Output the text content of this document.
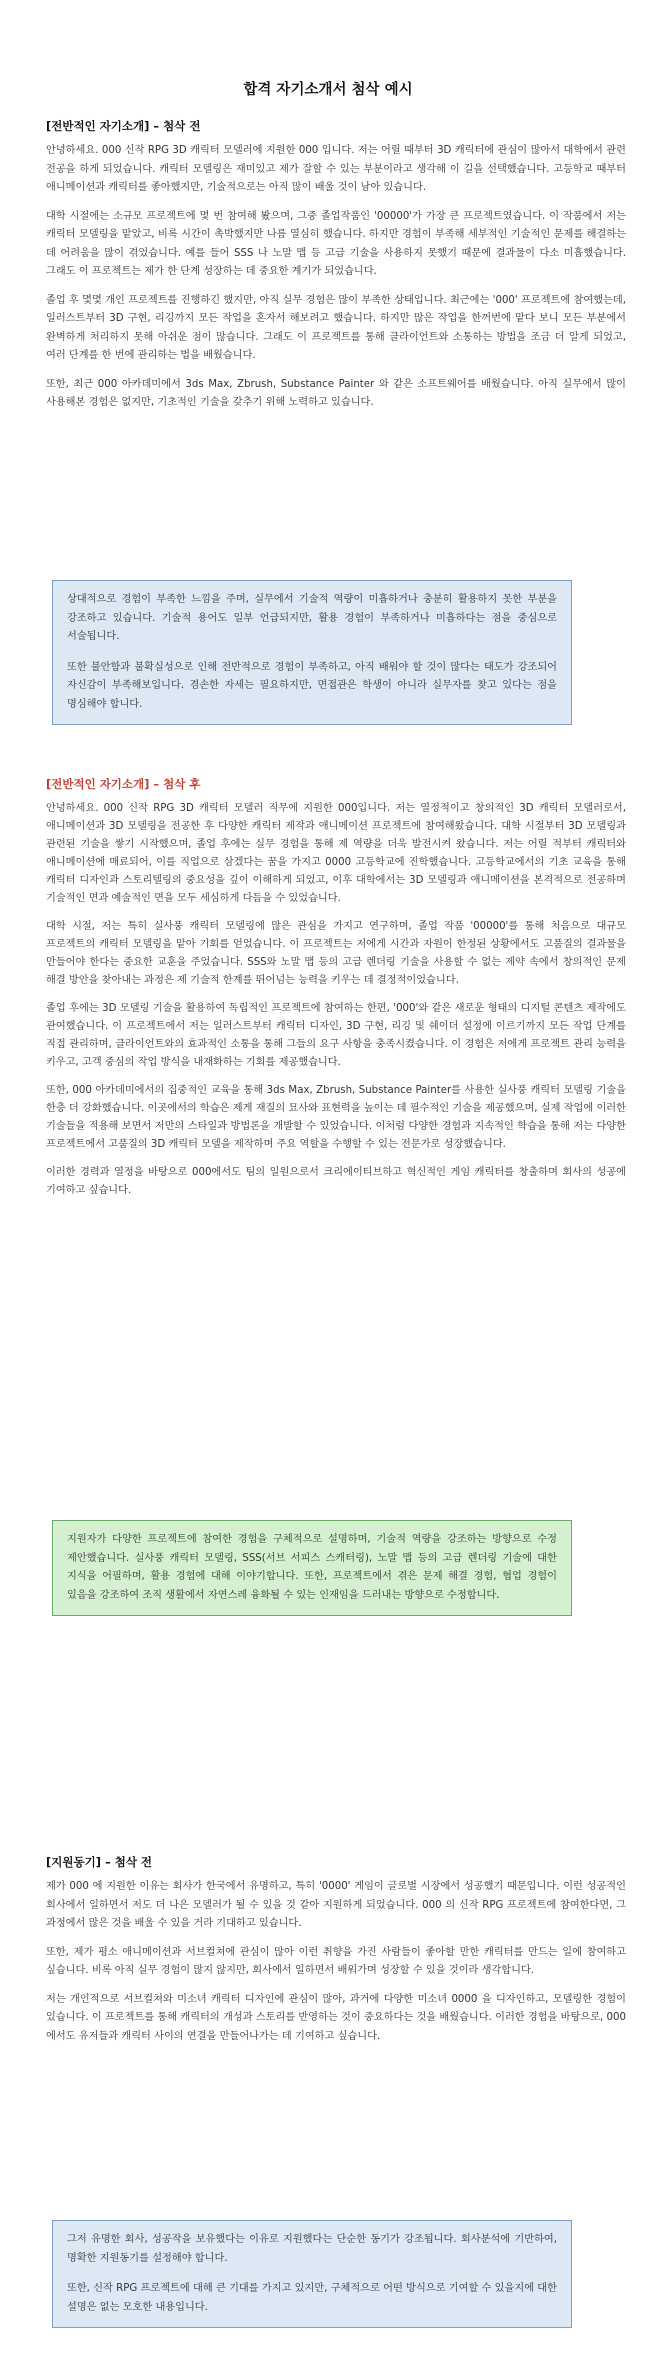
합격 자기소개서 첨삭 예시
[전반적인 자기소개] – 첨삭 전

안녕하세요. 000 신작 RPG 3D 캐릭터 모델러에 지원한 000 입니다. 저는 어릴 때부터 3D 캐릭터에 관심이 많아서 대학에서 관련 전공을 하게 되었습니다. 캐릭터 모델링은 재미있고 제가 잘할 수 있는 부분이라고 생각해 이 길을 선택했습니다. 고등학교 때부터 애니메이션과 캐릭터를 좋아했지만, 기술적으로는 아직 많이 배울 것이 남아 있습니다.

대학 시절에는 소규모 프로젝트에 몇 번 참여해 봤으며, 그중 졸업작품인 '00000'가 가장 큰 프로젝트였습니다. 이 작품에서 저는 캐릭터 모델링을 맡았고, 비록 시간이 촉박했지만 나름 열심히 했습니다. 하지만 경험이 부족해 세부적인 기술적인 문제를 해결하는 데 어려움을 많이 겪었습니다. 예를 들어 SSS 나 노말 맵 등 고급 기술을 사용하지 못했기 때문에 결과물이 다소 미흡했습니다. 그래도 이 프로젝트는 제가 한 단계 성장하는 데 중요한 계기가 되었습니다.

졸업 후 몇몇 개인 프로젝트를 진행하긴 했지만, 아직 실무 경험은 많이 부족한 상태입니다. 최근에는 '000' 프로젝트에 참여했는데, 일러스트부터 3D 구현, 리깅까지 모든 작업을 혼자서 해보려고 했습니다. 하지만 많은 작업을 한꺼번에 맡다 보니 모든 부분에서 완벽하게 처리하지 못해 아쉬운 점이 많습니다. 그래도 이 프로젝트를 통해 클라이언트와 소통하는 방법을 조금 더 알게 되었고, 여러 단계를 한 번에 관리하는 법을 배웠습니다.

또한, 최근 000 아카데미에서 3ds Max, Zbrush, Substance Painter 와 같은 소프트웨어를 배웠습니다. 아직 실무에서 많이 사용해본 경험은 없지만, 기초적인 기술을 갖추기 위해 노력하고 있습니다.

상대적으로 경험이 부족한 느낌을 주며, 실무에서 기술적 역량이 미흡하거나 충분히 활용하지 못한 부분을 강조하고 있습니다. 기술적 용어도 일부 언급되지만, 활용 경험이 부족하거나 미흡하다는 점을 중심으로 서술됩니다.

또한 불안함과 불확실성으로 인해 전반적으로 경험이 부족하고, 아직 배워야 할 것이 많다는 태도가 강조되어 자신감이 부족해보입니다. 겸손한 자세는 필요하지만, 면접관은 학생이 아니라 실무자를 찾고 있다는 점을 명심해야 합니다.

[전반적인 자기소개] – 첨삭 후

안녕하세요. 000 신작 RPG 3D 캐릭터 모델러 직무에 지원한 000입니다. 저는 열정적이고 창의적인 3D 캐릭터 모델러로서, 애니메이션과 3D 모델링을 전공한 후 다양한 캐릭터 제작과 애니메이션 프로젝트에 참여해왔습니다. 대학 시절부터 3D 모델링과 관련된 기술을 쌓기 시작했으며, 졸업 후에는 실무 경험을 통해 제 역량을 더욱 발전시켜 왔습니다. 저는 어릴 적부터 캐릭터와 애니메이션에 매료되어, 이를 직업으로 삼겠다는 꿈을 가지고 0000 고등학교에 진학했습니다. 고등학교에서의 기초 교육을 통해 캐릭터 디자인과 스토리텔링의 중요성을 깊이 이해하게 되었고, 이후 대학에서는 3D 모델링과 애니메이션을 본격적으로 전공하며 기술적인 면과 예술적인 면을 모두 세심하게 다듬을 수 있었습니다.

대학 시절, 저는 특히 실사풍 캐릭터 모델링에 많은 관심을 가지고 연구하며, 졸업 작품 '00000'를 통해 처음으로 대규모 프로젝트의 캐릭터 모델링을 맡아 기회를 얻었습니다. 이 프로젝트는 저에게 시간과 자원이 한정된 상황에서도 고품질의 결과물을 만들어야 한다는 중요한 교훈을 주었습니다. SSS와 노말 맵 등의 고급 렌더링 기술을 사용할 수 없는 제약 속에서 창의적인 문제 해결 방안을 찾아내는 과정은 제 기술적 한계를 뛰어넘는 능력을 키우는 데 결정적이었습니다.

졸업 후에는 3D 모델링 기술을 활용하여 독립적인 프로젝트에 참여하는 한편, '000'와 같은 새로운 형태의 디지털 콘텐츠 제작에도 관여했습니다. 이 프로젝트에서 저는 일러스트부터 캐릭터 디자인, 3D 구현, 리깅 및 쉐이더 설정에 이르기까지 모든 작업 단계를 직접 관리하며, 클라이언트와의 효과적인 소통을 통해 그들의 요구 사항을 충족시켰습니다. 이 경험은 저에게 프로젝트 관리 능력을 키우고, 고객 중심의 작업 방식을 내재화하는 기회를 제공했습니다.

또한, 000 아카데미에서의 집중적인 교육을 통해 3ds Max, Zbrush, Substance Painter를 사용한 실사풍 캐릭터 모델링 기술을 한층 더 강화했습니다. 이곳에서의 학습은 제게 재질의 묘사와 표현력을 높이는 데 필수적인 기술을 제공했으며, 실제 작업에 이러한 기술들을 적용해 보면서 저만의 스타일과 방법론을 개발할 수 있었습니다. 이처럼 다양한 경험과 지속적인 학습을 통해 저는 다양한 프로젝트에서 고품질의 3D 캐릭터 모델을 제작하며 주요 역할을 수행할 수 있는 전문가로 성장했습니다.

이러한 경력과 열정을 바탕으로 000에서도 팀의 일원으로서 크리에이티브하고 혁신적인 게임 캐릭터를 창출하며 회사의 성공에 기여하고 싶습니다.

지원자가 다양한 프로젝트에 참여한 경험을 구체적으로 설명하며, 기술적 역량을 강조하는 방향으로 수정 제안했습니다. 실사풍 캐릭터 모델링, SSS(서브 서피스 스캐터링), 노말 맵 등의 고급 렌더링 기술에 대한 지식을 어필하며, 활용 경험에 대해 이야기합니다. 또한, 프로젝트에서 겪은 문제 해결 경험, 협업 경험이 있음을 강조하여 조직 생활에서 자연스레 융화될 수 있는 인재임을 드러내는 방향으로 수정합니다.

[지원동기] – 첨삭 전

제가 000 에 지원한 이유는 회사가 한국에서 유명하고, 특히 '0000' 게임이 글로벌 시장에서 성공했기 때문입니다. 이런 성공적인 회사에서 일하면서 저도 더 나은 모델러가 될 수 있을 것 같아 지원하게 되었습니다. 000 의 신작 RPG 프로젝트에 참여한다면, 그 과정에서 많은 것을 배울 수 있을 거라 기대하고 있습니다.

또한, 제가 평소 애니메이션과 서브컬쳐에 관심이 많아 이런 취향을 가진 사람들이 좋아할 만한 캐릭터를 만드는 일에 참여하고 싶습니다. 비록 아직 실무 경험이 많지 않지만, 회사에서 일하면서 배워가며 성장할 수 있을 것이라 생각합니다.

저는 개인적으로 서브컬쳐와 미소녀 캐릭터 디자인에 관심이 많아, 과거에 다양한 미소녀 0000 을 디자인하고, 모델링한 경험이 있습니다. 이 프로젝트를 통해 캐릭터의 개성과 스토리를 반영하는 것이 중요하다는 것을 배웠습니다. 이러한 경험을 바탕으로, 000 에서도 유저들과 캐릭터 사이의 연결을 만들어나가는 데 기여하고 싶습니다.

그저 유명한 회사, 성공작을 보유했다는 이유로 지원했다는 단순한 동기가 강조됩니다. 회사분석에 기반하여, 명확한 지원동기를 설정해야 합니다.

또한, 신작 RPG 프로젝트에 대해 큰 기대를 가지고 있지만, 구체적으로 어떤 방식으로 기여할 수 있을지에 대한 설명은 없는 모호한 내용입니다.
